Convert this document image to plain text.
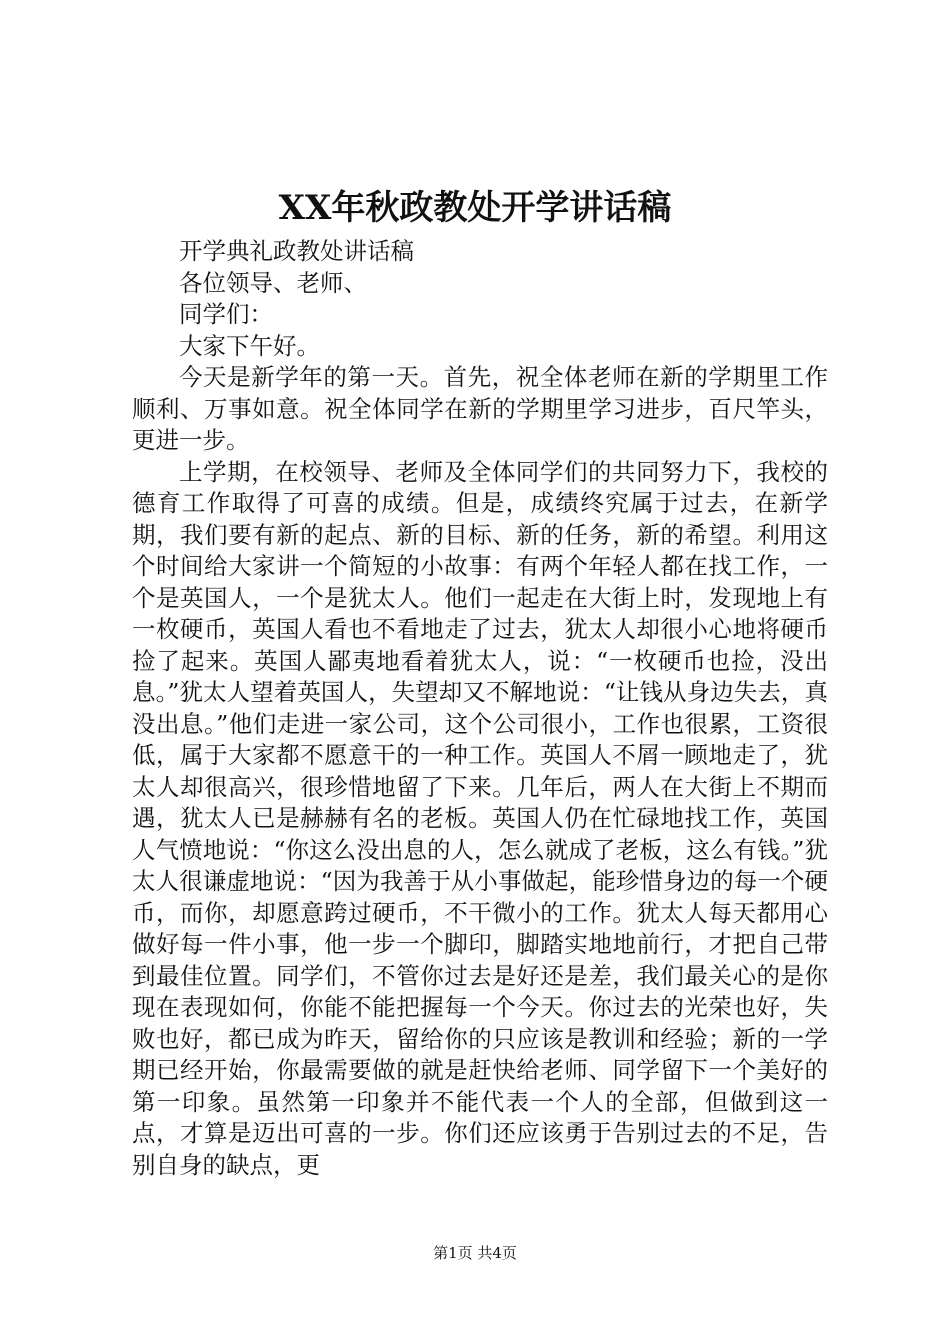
XX年秋政教处开学讲话稿

开学典礼政教处讲话稿

各位领导、老师、

同学们：

大家下午好。

今天是新学年的第一天。首先，祝全体老师在新的学期里工作顺利、万事如意。祝全体同学在新的学期里学习进步，百尺竿头，更进一步。

上学期，在校领导、老师及全体同学们的共同努力下，我校的德育工作取得了可喜的成绩。但是，成绩终究属于过去，在新学期，我们要有新的起点、新的目标、新的任务，新的希望。利用这个时间给大家讲一个简短的小故事：有两个年轻人都在找工作，一个是英国人，一个是犹太人。他们一起走在大街上时，发现地上有一枚硬币，英国人看也不看地走了过去，犹太人却很小心地将硬币捡了起来。英国人鄙夷地看着犹太人，说：“一枚硬币也捡，没出息。”犹太人望着英国人，失望却又不解地说：“让钱从身边失去，真没出息。”他们走进一家公司，这个公司很小，工作也很累，工资很低，属于大家都不愿意干的一种工作。英国人不屑一顾地走了，犹太人却很高兴，很珍惜地留了下来。几年后，两人在大街上不期而遇，犹太人已是赫赫有名的老板。英国人仍在忙碌地找工作，英国人气愤地说：“你这么没出息的人，怎么就成了老板，这么有钱。”犹太人很谦虚地说：“因为我善于从小事做起，能珍惜身边的每一个硬币，而你，却愿意跨过硬币，不干微小的工作。犹太人每天都用心做好每一件小事，他一步一个脚印，脚踏实地地前行，才把自己带到最佳位置。同学们，不管你过去是好还是差，我们最关心的是你现在表现如何，你能不能把握每一个今天。你过去的光荣也好，失败也好，都已成为昨天，留给你的只应该是教训和经验；新的一学期已经开始，你最需要做的就是赶快给老师、同学留下一个美好的第一印象。虽然第一印象并不能代表一个人的全部，但做到这一点，才算是迈出可喜的一步。你们还应该勇于告别过去的不足，告别自身的缺点，更

第1页 共4页
